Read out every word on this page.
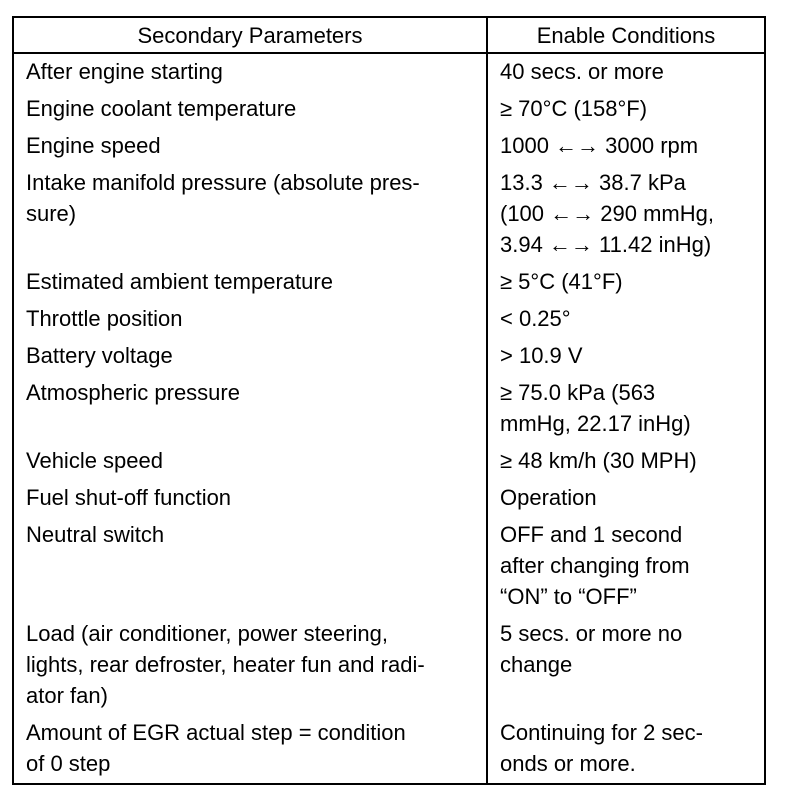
Secondary Parameters	Enable Conditions

After engine starting	40 secs. or more

Engine coolant temperature	≥ 70°C (158°F)

Engine speed	1000 ←→ 3000 rpm

Intake manifold pressure (absolute pres-
sure)	13.3 ←→ 38.7 kPa
(100 ←→ 290 mmHg,
3.94 ←→ 11.42 inHg)

Estimated ambient temperature	≥ 5°C (41°F)

Throttle position	< 0.25°

Battery voltage	> 10.9 V

Atmospheric pressure	≥ 75.0 kPa (563
mmHg, 22.17 inHg)

Vehicle speed	≥ 48 km/h (30 MPH)

Fuel shut-off function	Operation

Neutral switch	OFF and 1 second
after changing from
“ON” to “OFF”

Load (air conditioner, power steering,
lights, rear defroster, heater fun and radi-
ator fan)	5 secs. or more no
change

Amount of EGR actual step = condition
of 0 step	Continuing for 2 sec-
onds or more.
